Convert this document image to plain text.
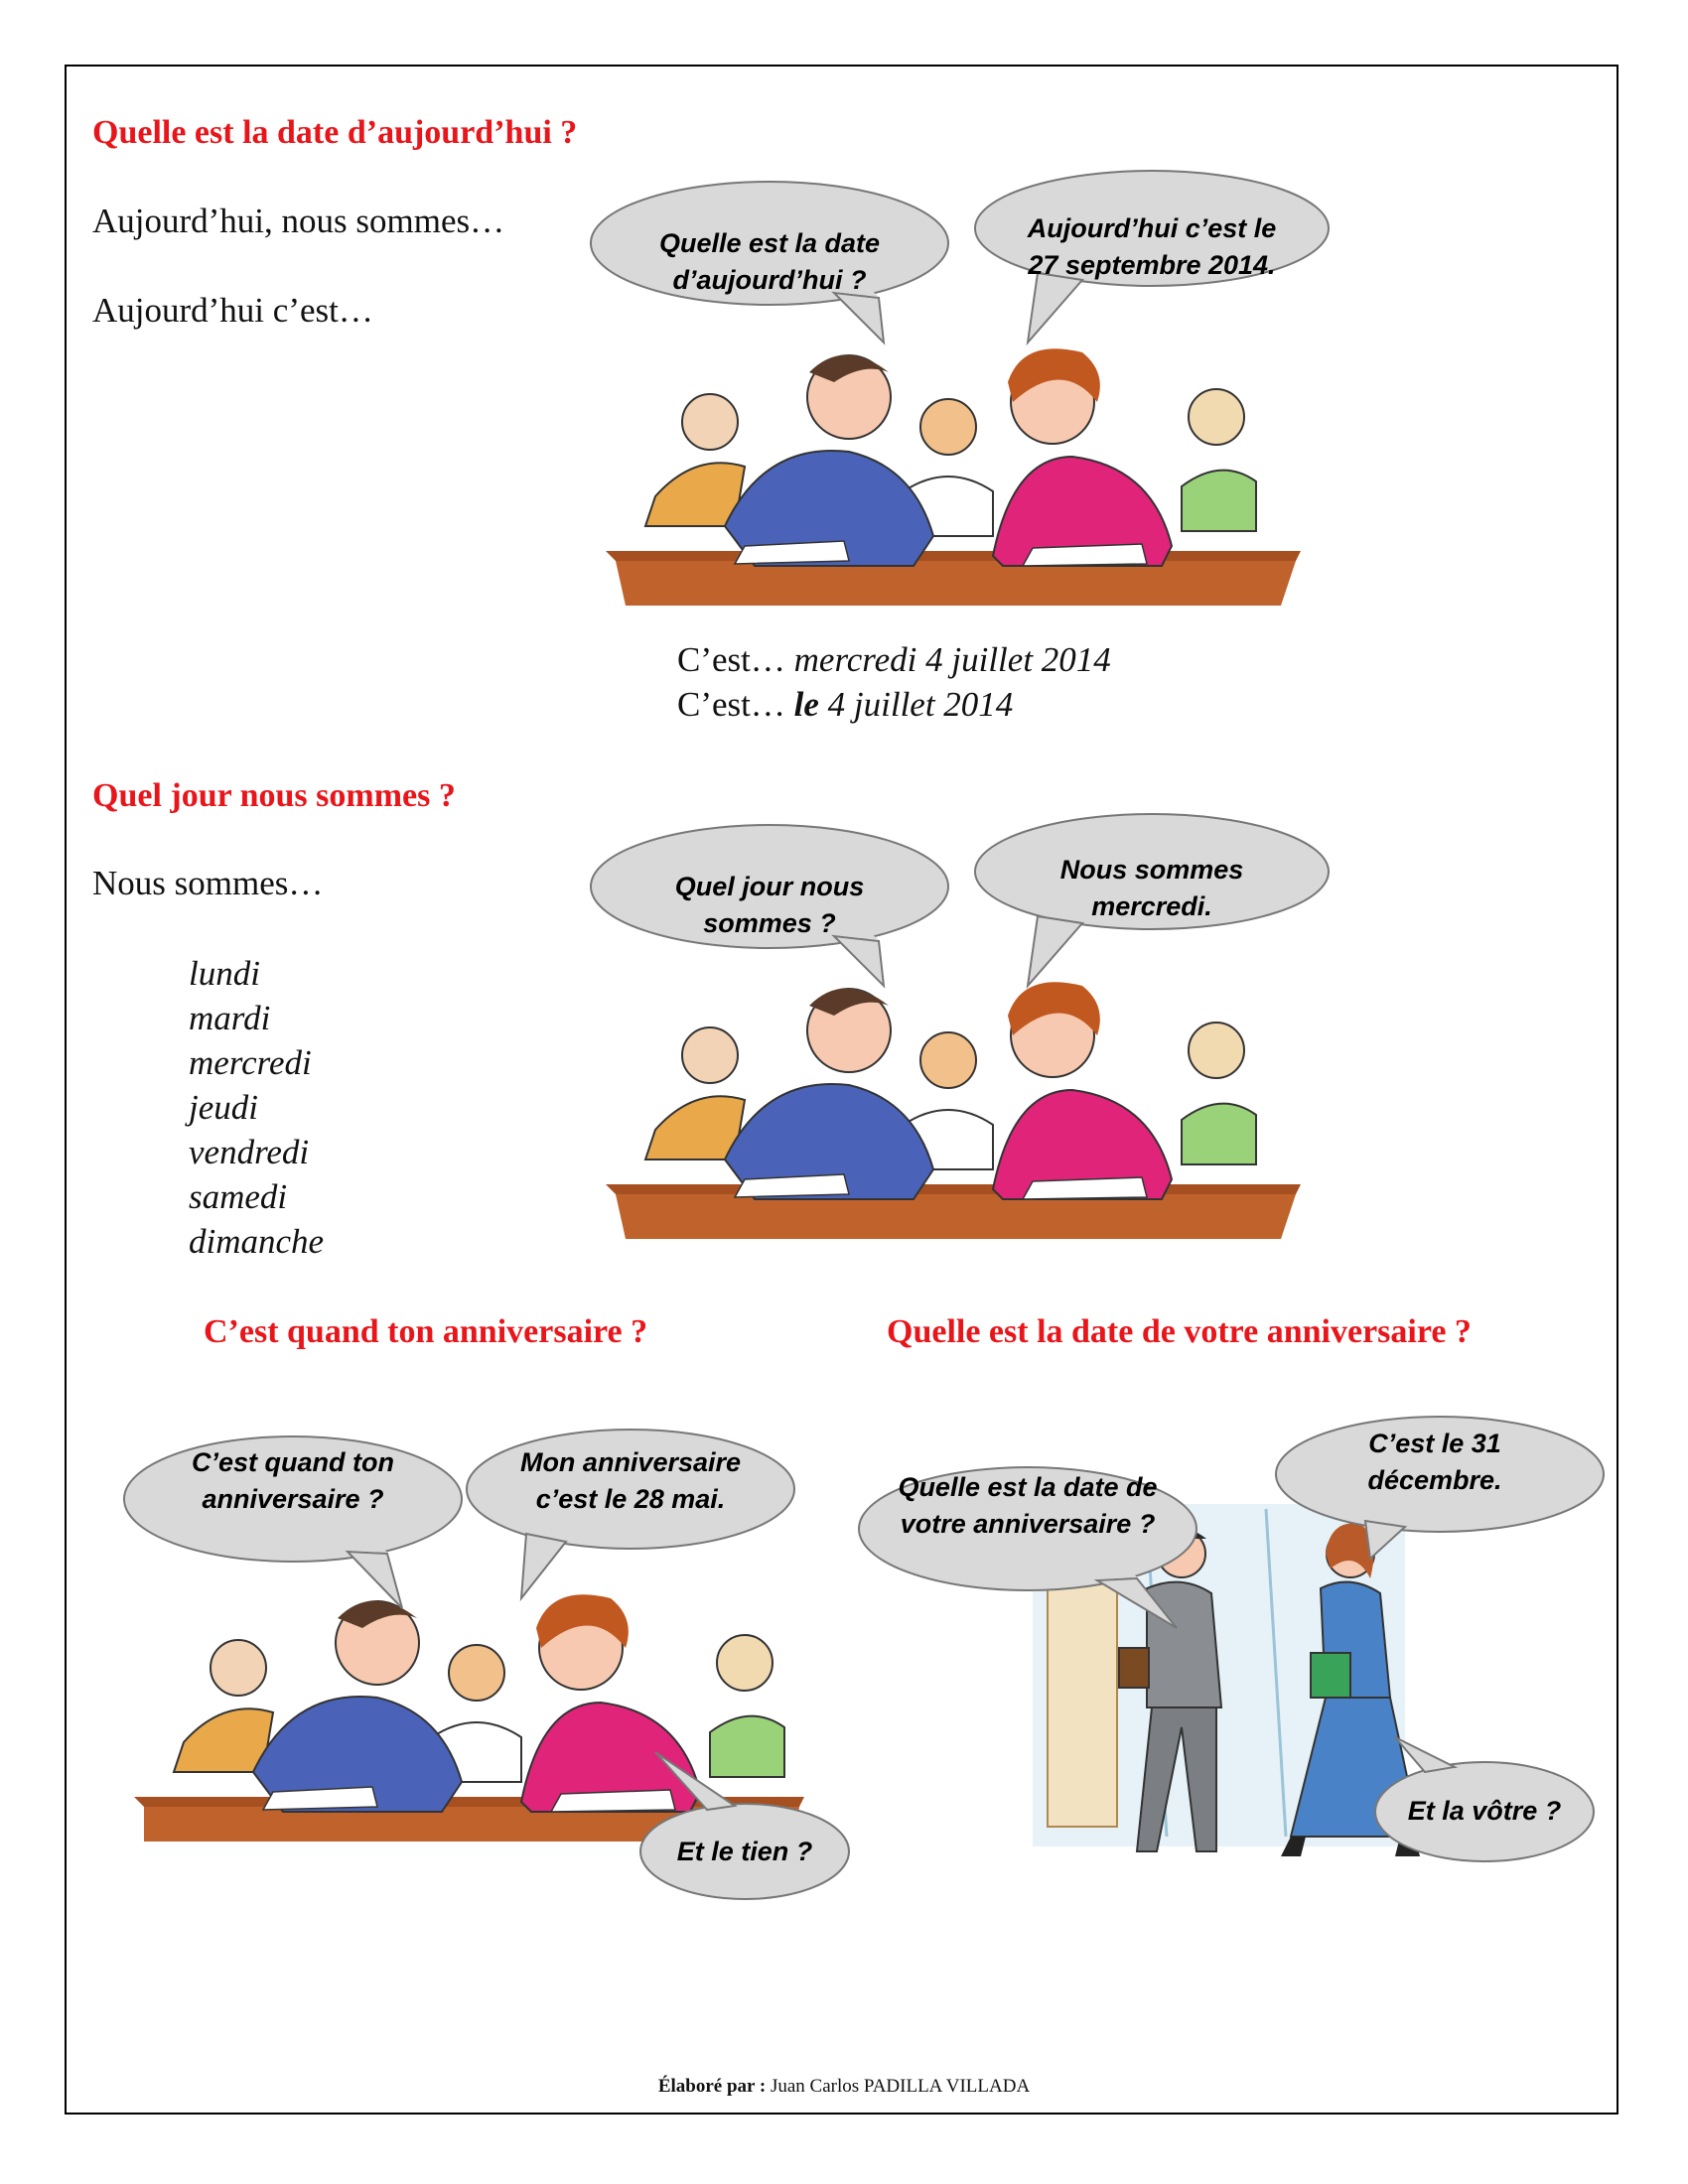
Quelle est la date d’aujourd’hui ?
Aujourd’hui, nous sommes…
Aujourd’hui c’est…
Quelle est la date
d’aujourd’hui ?
Aujourd’hui c’est le
27 septembre 2014.
C’est… mercredi 4 juillet 2014
C’est… le 4 juillet 2014
Quel jour nous sommes ?
Nous sommes…
lundi
mardi
mercredi
jeudi
vendredi
samedi
dimanche
Quel jour nous
sommes ?
Nous sommes
mercredi.
C’est quand ton anniversaire ?
C’est quand ton
anniversaire ?
Mon anniversaire
c’est le 28 mai.
Et le tien ?
Quelle est la date de votre anniversaire ?
Quelle est la date de
votre anniversaire ?
C’est le 31
décembre.
Et la vôtre ?
Élaboré par : Juan Carlos PADILLA VILLADA
